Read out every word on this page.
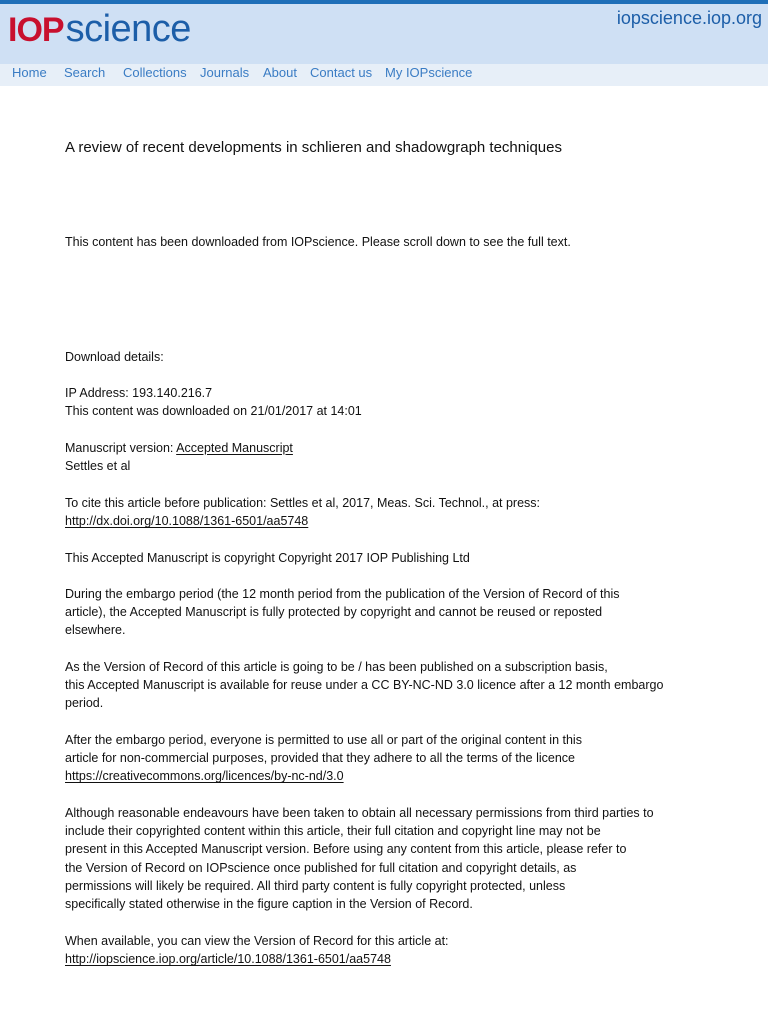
IOP science	iopscience.iop.org
Home Search Collections Journals About Contact us My IOPscience
A review of recent developments in schlieren and shadowgraph techniques
This content has been downloaded from IOPscience. Please scroll down to see the full text.
Download details:
IP Address: 193.140.216.7
This content was downloaded on 21/01/2017 at 14:01
Manuscript version: Accepted Manuscript
Settles et al
To cite this article before publication: Settles et al, 2017, Meas. Sci. Technol., at press:
http://dx.doi.org/10.1088/1361-6501/aa5748
This Accepted Manuscript is copyright Copyright 2017 IOP Publishing Ltd
During the embargo period (the 12 month period from the publication of the Version of Record of this
article), the Accepted Manuscript is fully protected by copyright and cannot be reused or reposted
elsewhere.
As the Version of Record of this article is going to be / has been published on a subscription basis,
this Accepted Manuscript is available for reuse under a CC BY-NC-ND 3.0 licence after a 12 month embargo
period.
After the embargo period, everyone is permitted to use all or part of the original content in this
article for non-commercial purposes, provided that they adhere to all the terms of the licence
https://creativecommons.org/licences/by-nc-nd/3.0
Although reasonable endeavours have been taken to obtain all necessary permissions from third parties to
include their copyrighted content within this article, their full citation and copyright line may not be
present in this Accepted Manuscript version. Before using any content from this article, please refer to
the Version of Record on IOPscience once published for full citation and copyright details, as
permissions will likely be required. All third party content is fully copyright protected, unless
specifically stated otherwise in the figure caption in the Version of Record.
When available, you can view the Version of Record for this article at:
http://iopscience.iop.org/article/10.1088/1361-6501/aa5748
